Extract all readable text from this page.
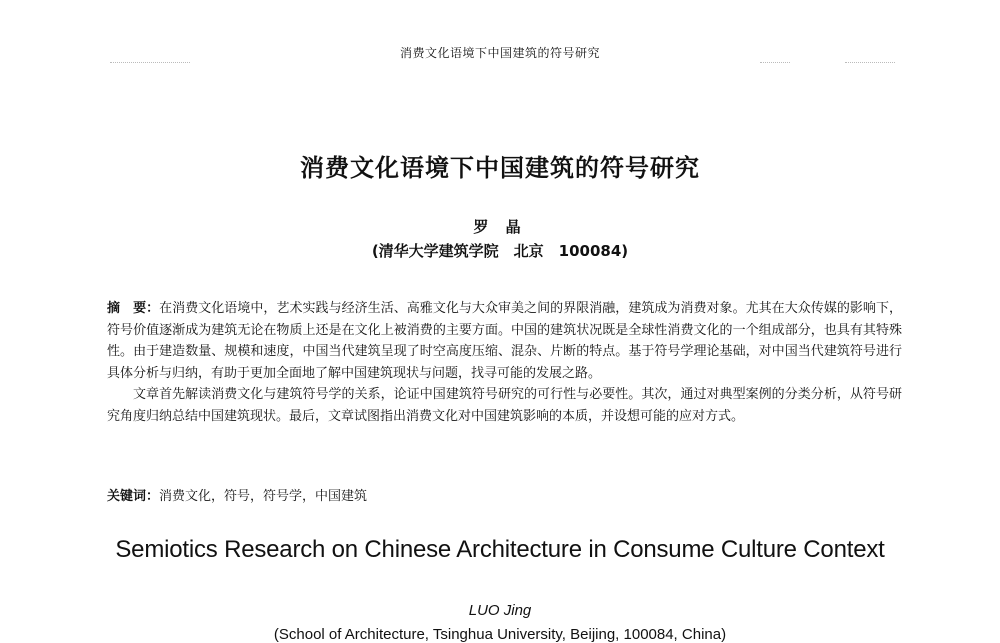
消费文化语境下中国建筑的符号研究
消费文化语境下中国建筑的符号研究
罗 晶
(清华大学建筑学院　北京　100084)

摘　要：在消费文化语境中，艺术实践与经济生活、高雅文化与大众审美之间的界限消融，建筑成为消费对象。尤其在大众传媒的影响下，符号价值逐渐成为建筑无论在物质上还是在文化上被消费的主要方面。中国的建筑状况既是全球性消费文化的一个组成部分，也具有其特殊性。由于建造数量、规模和速度，中国当代建筑呈现了时空高度压缩、混杂、片断的特点。基于符号学理论基础，对中国当代建筑符号进行具体分析与归纳，有助于更加全面地了解中国建筑现状与问题，找寻可能的发展之路。

文章首先解读消费文化与建筑符号学的关系，论证中国建筑符号研究的可行性与必要性。其次，通过对典型案例的分类分析，从符号研究角度归纳总结中国建筑现状。最后，文章试图指出消费文化对中国建筑影响的本质，并设想可能的应对方式。

关键词：消费文化，符号，符号学，中国建筑
Semiotics Research on Chinese Architecture in Consume Culture Context
LUO Jing
(School of Architecture, Tsinghua University, Beijing, 100084, China)
